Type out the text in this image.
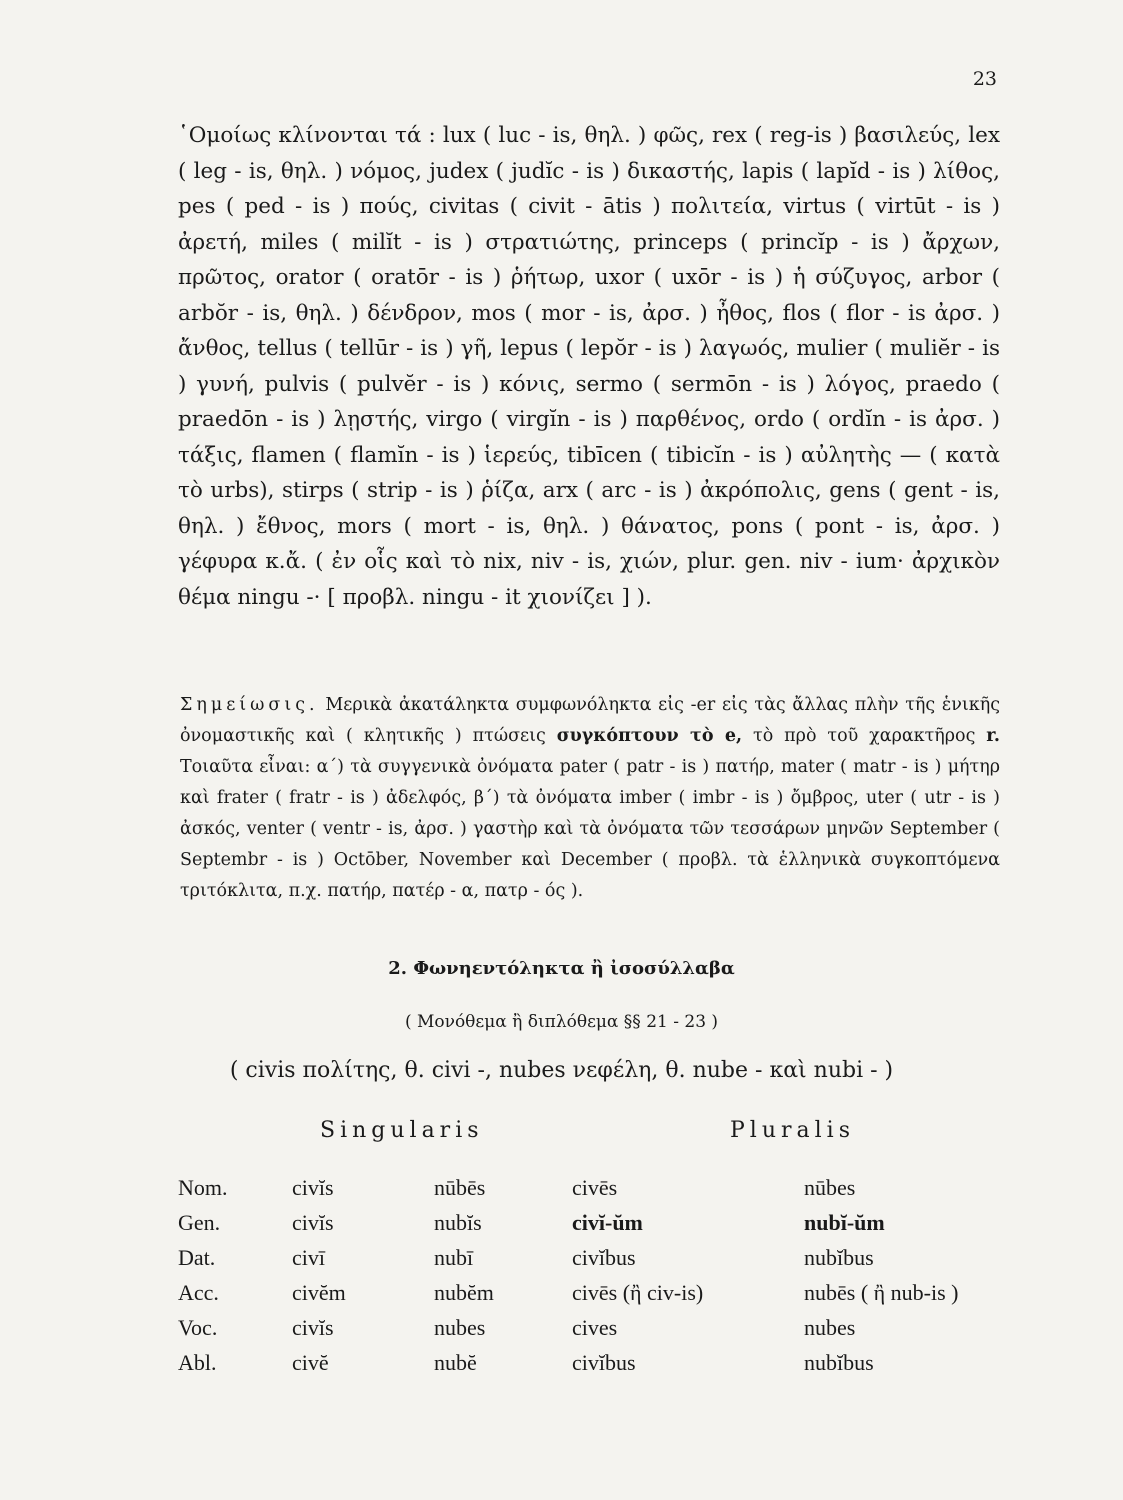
23
῾Ομοίως κλίνονται τά : lux ( luc - is, θηλ. ) φῶς, rex ( reg-is ) βασιλεύς, lex ( leg - is, θηλ. ) νόμος, judex ( judĭc - is ) δικαστής, lapis ( lapĭd - is ) λίθος, pes ( ped - is ) πούς, civitas ( civit - ātis ) πολιτεία, virtus ( virtūt - is ) ἀρετή, miles ( milĭt - is ) στρατιώτης, princeps ( princĭp - is ) ἄρχων, πρῶτος, orator ( oratōr - is ) ῥήτωρ, uxor ( uxōr - is ) ἡ σύζυγος, arbor ( arbŏr - is, θηλ. ) δένδρον, mos ( mor - is, ἀρσ. ) ἦθος, flos ( flor - is ἀρσ. ) ἄνθος, tellus ( tellūr - is ) γῆ, lepus ( lepŏr - is ) λαγωός, mulier ( muliĕr - is ) γυνή, pulvis ( pulvĕr - is ) κόνις, sermo ( sermōn - is ) λόγος, praedo ( praedōn - is ) λῃστής, virgo ( virgĭn - is ) παρθένος, ordo ( ordĭn - is ἀρσ. ) τάξις, flamen ( flamĭn - is ) ἱερεύς, tibīcen ( tibicĭn - is ) αὐλητὴς — ( κατὰ τὸ urbs), stirps ( strip - is ) ῥίζα, arx ( arc - is ) ἀκρόπολις, gens ( gent - is, θηλ. ) ἔθνος, mors ( mort - is, θηλ. ) θάνατος, pons ( pont - is, ἀρσ. ) γέφυρα κ.ἄ. ( ἐν οἷς καὶ τὸ nix, niv - is, χιών, plur. gen. niv - ium· ἀρχικὸν θέμα ningu -· [ προβλ. ningu - it χιονίζει ] ).
Σημείωσις. Μερικὰ ἀκατάληκτα συμφωνόληκτα εἰς -er εἰς τὰς ἄλλας πλὴν τῆς ἑνικῆς ὀνομαστικῆς καὶ ( κλητικῆς ) πτώσεις συγκόπτουν τὸ e, τὸ πρὸ τοῦ χαρακτῆρος r. Τοιαῦτα εἶναι: α΄) τὰ συγγενικὰ ὀνόματα pater ( patr - is ) πατήρ, mater ( matr - is ) μήτηρ καὶ frater ( fratr - is ) ἀδελφός, β΄) τὰ ὀνόματα imber ( imbr - is ) ὄμβρος, uter ( utr - is ) ἀσκός, venter ( ventr - is, ἀρσ. ) γαστὴρ καὶ τὰ ὀνόματα τῶν τεσσάρων μηνῶν September ( Septembr - is ) Octōber, November καὶ December ( προβλ. τὰ ἑλληνικὰ συγκοπτόμενα τριτόκλιτα, π.χ. πατήρ, πατέρ - α, πατρ - ός ).
2. Φωνηεντόληκτα ἢ ἰσοσύλλαβα
( Μονόθεμα ἢ διπλόθεμα §§ 21 - 23 )
( civis πολίτης, θ. civi -, nubes νεφέλη, θ. nube - καὶ nubi - )
Singularis	Pluralis
Nom.	civĭs	nūbēs	civēs	nūbes
Gen.	civĭs	nubĭs	civĭ-ŭm	nubĭ-ŭm
Dat.	civī	nubī	civĭbus	nubĭbus
Acc.	civĕm	nubĕm	civēs (ἢ civ-is)	nubēs ( ἢ nub-is )
Voc.	civĭs	nubes	cives	nubes
Abl.	civĕ	nubĕ	civĭbus	nubĭbus
